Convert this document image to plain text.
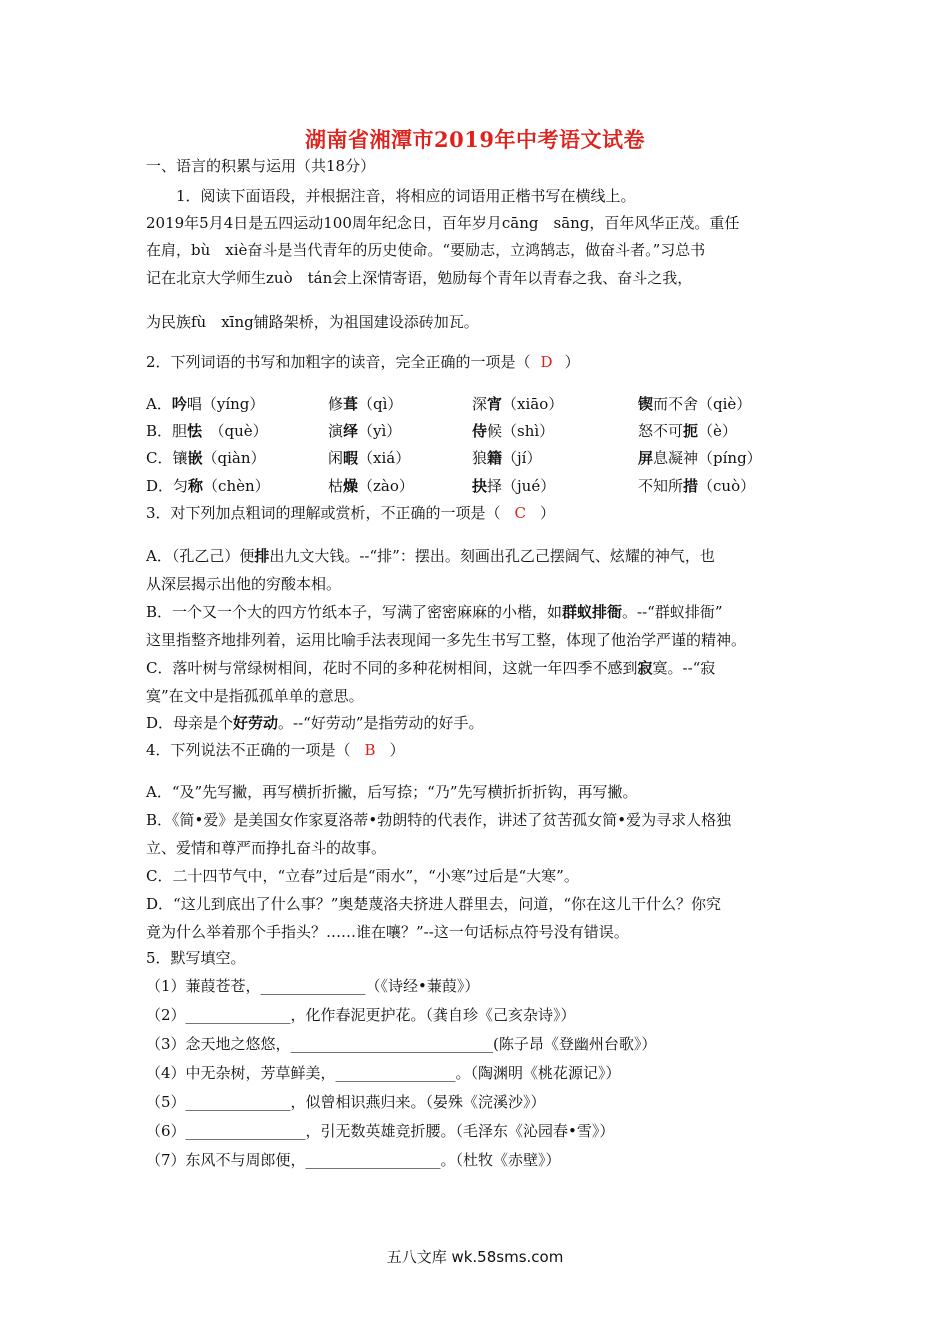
湖南省湘潭市2019年中考语文试卷
一、语言的积累与运用（共18分）
1．阅读下面语段，并根据注音，将相应的词语用正楷书写在横线上。
2019年5月4日是五四运动100周年纪念日，百年岁月cāng　sāng，百年风华正茂。重任
在肩，bù　xiè奋斗是当代青年的历史使命。“要励志，立鸿鹄志，做奋斗者。”习总书
记在北京大学师生zuò　tán会上深情寄语，勉励每个青年以青春之我、奋斗之我，
为民族fù　xīng铺路架桥，为祖国建设添砖加瓦。
2．下列词语的书写和加粗字的读音，完全正确的一项是（ D ）
A．吟唱（yíng）	修葺（qì）	深宵（xiāo）	锲而不舍（qiè）
B．胆怯　（què）	演绎（yì）	侍候（shì）	怒不可扼（è）
C．镶嵌（qiàn）	闲暇（xiá）	狼籍（jí）	屏息凝神（píng）
D．匀称（chèn）	枯燥（zào）	抉择（jué）	不知所措（cuò）
3．对下列加点粗词的理解或赏析，不正确的一项是（ C ）
A．（孔乙己）便排出九文大钱。--“排”：摆出。刻画出孔乙己摆阔气、炫耀的神气，也
从深层揭示出他的穷酸本相。
B．一个又一个大的四方竹纸本子，写满了密密麻麻的小楷，如群蚁排衙。--“群蚁排衙”
这里指整齐地排列着，运用比喻手法表现闻一多先生书写工整，体现了他治学严谨的精神。
C．落叶树与常绿树相间，花时不同的多种花树相间，这就一年四季不感到寂寞。--“寂
寞”在文中是指孤孤单单的意思。
D．母亲是个好劳动。--“好劳动”是指劳动的好手。
4．下列说法不正确的一项是（ B ）
A．“及”先写撇，再写横折折撇，后写捺；“乃”先写横折折折钩，再写撇。
B．《简•爱》是美国女作家夏洛蒂•勃朗特的代表作，讲述了贫苦孤女简•爱为寻求人格独
立、爱情和尊严而挣扎奋斗的故事。
C．二十四节气中，“立春”过后是“雨水”，“小寒”过后是“大寒”。
D．“这儿到底出了什么事？”奥楚蔑洛夫挤进人群里去，问道，“你在这儿干什么？你究
竟为什么举着那个手指头？……谁在嚷？”--这一句话标点符号没有错误。
5．默写填空。
（1）蒹葭苍苍，______________（《诗经•蒹葭》）
（2）______________，化作春泥更护花。（龚自珍《己亥杂诗》）
（3）念天地之悠悠，___________________________(陈子昂《登幽州台歌》）
（4）中无杂树，芳草鲜美，________________。（陶渊明《桃花源记》）
（5）______________，似曾相识燕归来。（晏殊《浣溪沙》）
（6）________________，引无数英雄竞折腰。（毛泽东《沁园春•雪》）
（7）东风不与周郎便，__________________。（杜牧《赤壁》）
五八文库 wk.58sms.com
